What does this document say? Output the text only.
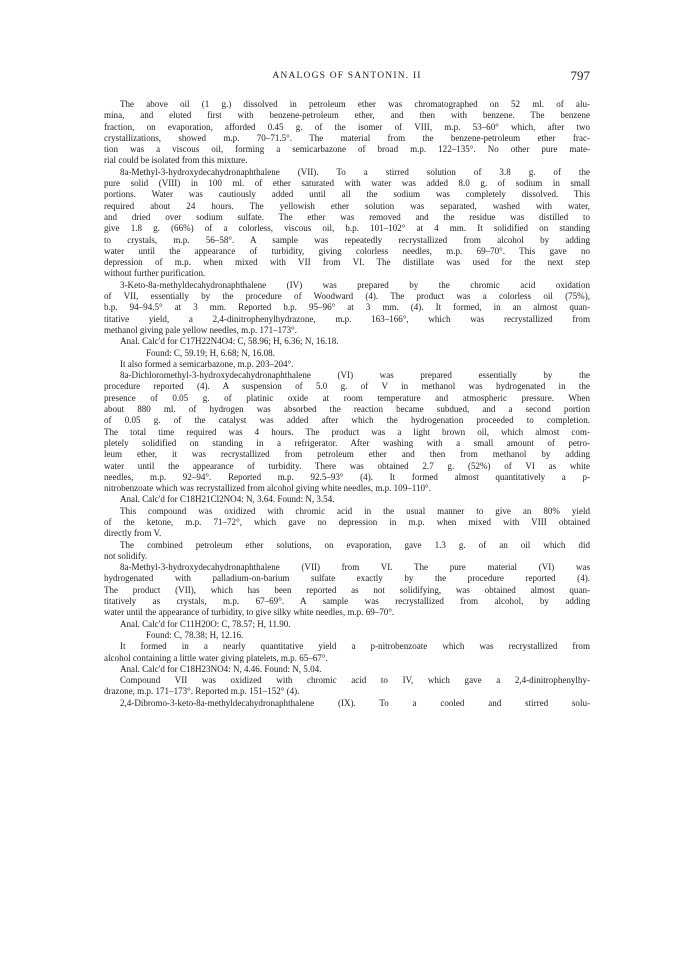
ANALOGS OF SANTONIN. II	797
The above oil (1 g.) dissolved in petroleum ether was chromatographed on 52 ml. of alu-
mina, and eluted first with benzene-petroleum ether, and then with benzene. The benzene
fraction, on evaporation, afforded 0.45 g. of the isomer of VIII, m.p. 53–60° which, after two
crystallizations, showed m.p. 70–71.5°. The material from the benzene-petroleum ether frac-
tion was a viscous oil, forming a semicarbazone of broad m.p. 122–135°. No other pure mate-
rial could be isolated from this mixture.
8a-Methyl-3-hydroxydecahydronaphthalene (VII). To a stirred solution of 3.8 g. of the
pure solid (VIII) in 100 ml. of ether saturated with water was added 8.0 g. of sodium in small
portions. Water was cautiously added until all the sodium was completely dissolved. This
required about 24 hours. The yellowish ether solution was separated, washed with water,
and dried over sodium sulfate. The ether was removed and the residue was distilled to
give 1.8 g. (66%) of a colorless, viscous oil, b.p. 101–102° at 4 mm. It solidified on standing
to crystals, m.p. 56–58°. A sample was repeatedly recrystallized from alcohol by adding
water until the appearance of turbidity, giving colorless needles, m.p. 69–70°. This gave no
depression of m.p. when mixed with VII from VI. The distillate was used for the next step
without further purification.
3-Keto-8a-methyldecahydronaphthalene (IV) was prepared by the chromic acid oxidation
of VII, essentially by the procedure of Woodward (4). The product was a colorless oil (75%),
b.p. 94–94.5° at 3 mm. Reported b.p. 95–96° at 3 mm. (4). It formed, in an almost quan-
titative yield, a 2,4-dinitrophenylhydrazone, m.p. 163–166°, which was recrystallized from
methanol giving pale yellow needles, m.p. 171–173°.
Anal. Calc'd for C17H22N4O4: C, 58.96; H, 6.36; N, 16.18.
Found: C, 59.19; H, 6.68; N, 16.08.
It also formed a semicarbazone, m.p. 203–204°.
8a-Dichloromethyl-3-hydroxydecahydronaphthalene (VI) was prepared essentially by the
procedure reported (4). A suspension of 5.0 g. of V in methanol was hydrogenated in the
presence of 0.05 g. of platinic oxide at room temperature and atmospheric pressure. When
about 880 ml. of hydrogen was absorbed the reaction became subdued, and a second portion
of 0.05 g. of the catalyst was added after which the hydrogenation proceeded to completion.
The total time required was 4 hours. The product was a light brown oil, which almost com-
pletely solidified on standing in a refrigerator. After washing with a small amount of petro-
leum ether, it was recrystallized from petroleum ether and then from methanol by adding
water until the appearance of turbidity. There was obtained 2.7 g. (52%) of VI as white
needles, m.p. 92–94°. Reported m.p. 92.5–93° (4). It formed almost quantitatively a p-
nitrobenzoate which was recrystallized from alcohol giving white needles, m.p. 109–110°.
Anal. Calc'd for C18H21Cl2NO4: N, 3.64. Found: N, 3.54.
This compound was oxidized with chromic acid in the usual manner to give an 80% yield
of the ketone, m.p. 71–72°, which gave no depression in m.p. when mixed with VIII obtained
directly from V.
The combined petroleum ether solutions, on evaporation, gave 1.3 g. of an oil which did
not solidify.
8a-Methyl-3-hydroxydecahydronaphthalene (VII) from VI. The pure material (VI) was
hydrogenated with palladium-on-barium sulfate exactly by the procedure reported (4).
The product (VII), which has been reported as not solidifying, was obtained almost quan-
titatively as crystals, m.p. 67–69°. A sample was recrystallized from alcohol, by adding
water until the appearance of turbidity, to give silky white needles, m.p. 69–70°.
Anal. Calc'd for C11H20O: C, 78.57; H, 11.90.
Found: C, 78.38; H, 12.16.
It formed in a nearly quantitative yield a p-nitrobenzoate which was recrystallized from
alcohol containing a little water giving platelets, m.p. 65–67°.
Anal. Calc'd for C18H23NO4: N, 4.46. Found: N, 5.04.
Compound VII was oxidized with chromic acid to IV, which gave a 2,4-dinitrophenylhy-
drazone, m.p. 171–173°. Reported m.p. 151–152° (4).
2,4-Dibromo-3-keto-8a-methyldecahydronaphthalene (IX). To a cooled and stirred solu-
